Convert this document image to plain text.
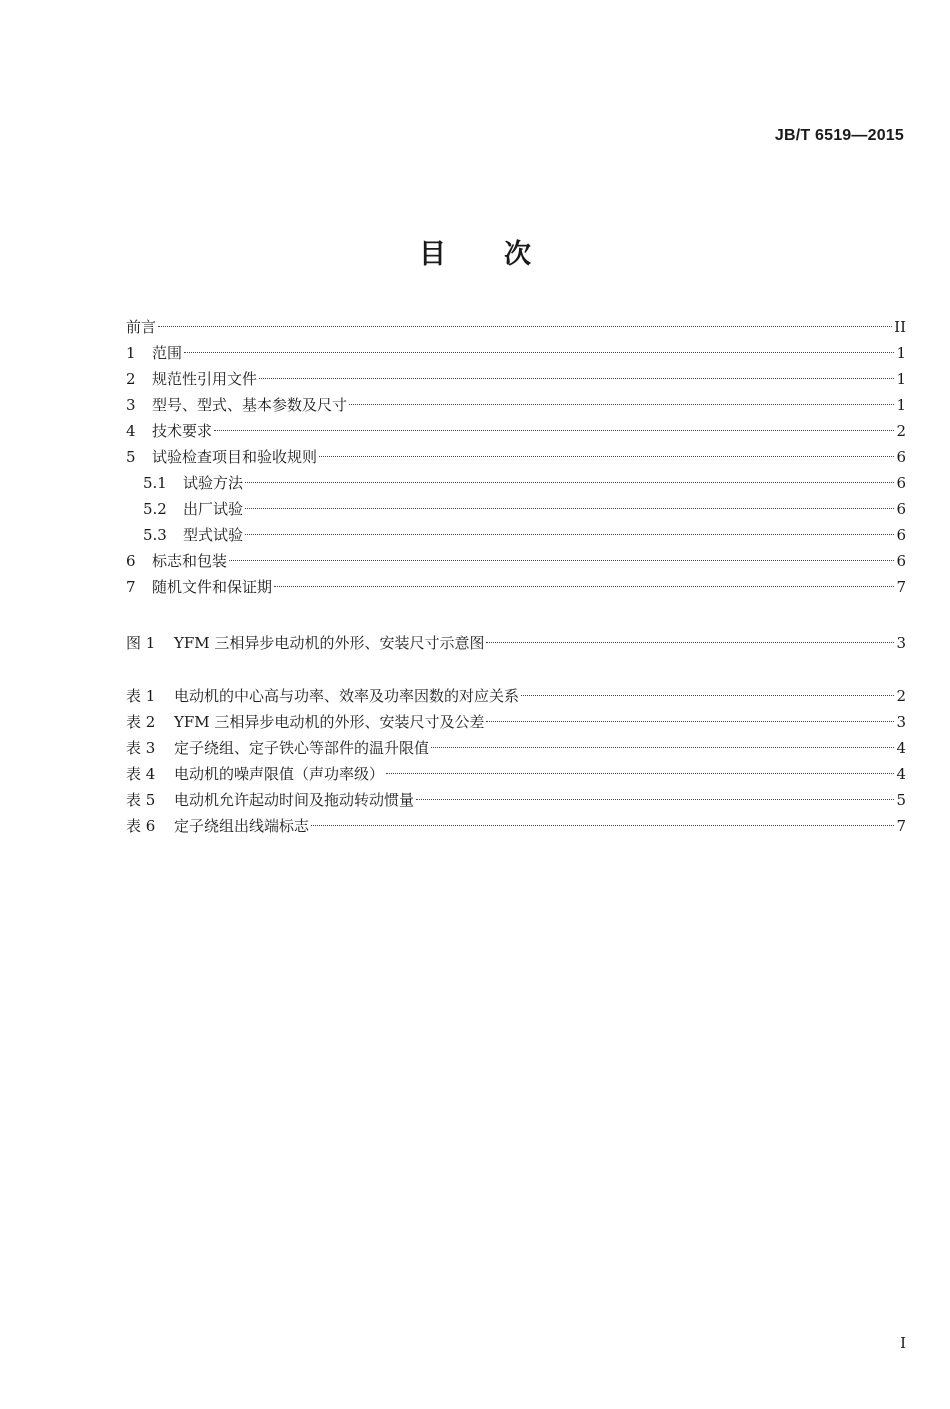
JB/T 6519—2015
目 次
前言	II
1 范围	1
2 规范性引用文件	1
3 型号、型式、基本参数及尺寸	1
4 技术要求	2
5 试验检查项目和验收规则	6
5.1 试验方法	6
5.2 出厂试验	6
5.3 型式试验	6
6 标志和包装	6
7 随机文件和保证期	7
图 1 YFM 三相异步电动机的外形、安装尺寸示意图	3
表 1 电动机的中心高与功率、效率及功率因数的对应关系	2
表 2 YFM 三相异步电动机的外形、安装尺寸及公差	3
表 3 定子绕组、定子铁心等部件的温升限值	4
表 4 电动机的噪声限值（声功率级）	4
表 5 电动机允许起动时间及拖动转动惯量	5
表 6 定子绕组出线端标志	7
I
